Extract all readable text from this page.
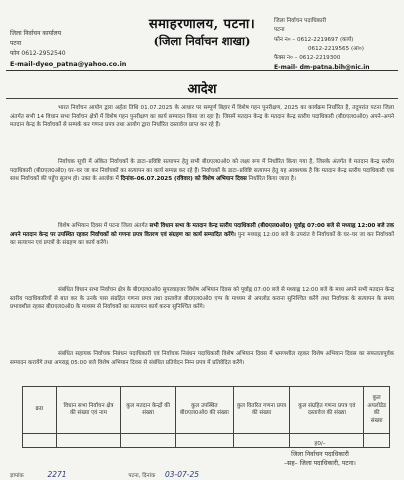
जिला निर्वाचन कार्यालय
पटना
फोन 0612-2952540
E-mail-dyeo_patna@yahoo.co.in
समाहरणालय, पटना।
(जिला निर्वाचन शाखा)
जिला निर्वाचन पदाधिकारी
पटना
फोन न० – 0612-2219697 (कार्य)
0612-2219565 (आ०)
फैक्स न० – 0612-2219300
E-mail- dm-patna.bih@nic.in
आदेश
भारत निर्वाचन आयोग द्वारा अर्हता तिथि 01.07.2025 के आधार पर सम्पूर्ण बिहार में विशेष गहन पुनरीक्षण, 2025 का कार्यक्रम निर्धारित है, तदुपरांत पटना जिला अंतर्गत सभी 14 विधान सभा निर्वाचन क्षेत्रों में विशेष गहन पुनरीक्षण का कार्य सम्पादन किया जा रहा है। जिसमें मतदान केन्द्र के मतदान केन्द्र स्तरीय पदाधिकारी (बी0एल0ओ0) अपने–अपने मतदान केन्द्र के निर्वाचकों से सम्पर्क कर गणना प्रपत्र तथा आयोग द्वारा निर्धारित दस्तावेज प्राप्त कर रहे हैं।
निर्वाचक सूची में अंकित निर्वाचकों के डाटा–प्रविष्टि सत्यापन हेतु सभी बी0एल0ओ0 को लक्ष्य रूप में निर्धारित किया गया है, जिसके अंतर्गत वे मतदान केन्द्र स्तरीय पदाधिकारी (बी0एल0ओ0) घर–घर जा कर निर्वाचकों का सत्यापन का कार्य सम्पन्न कर रहे हैं। निर्वाचकों के डाटा–प्रविष्टि सत्यापन हेतु यह आवश्यक है कि मतदान केन्द्र स्तरीय पदाधिकारी एक साथ निर्वाचकों की पहुँच सुलभ हो। उक्त के आलोक में दिनांक–06.07.2025 (रविवार) को विशेष अभियान दिवस निर्धारित किया जाता है।
विशेष अभियान दिवस में पटना जिला अंतर्गत सभी विधान सभा के मतदान केन्द्र स्तरीय पदाधिकारी (बी0एल0ओ0) पूर्वाह्न 07:00 बजे से मध्याह्न 12:00 बजे तक अपने मतदान केन्द्र पर उपस्थित रहकर निर्वाचकों को गणना प्रपत्र वितरण एवं संग्रहण का कार्य सम्पादित करेंगे। पुनः मध्याह्न 12:00 बजे के उपरांत वे निर्वाचकों के घर–घर जा कर निर्वाचकों का सत्यापन एवं प्रपत्रों के संग्रहण का कार्य करेंगे।
संबंधित विधान सभा निर्वाचन क्षेत्र के बी0एल0ओ0 सुपरवाइजर विशेष अभियान दिवस को पूर्वाह्न 07:00 बजे से मध्याह्न 12:00 बजे के मध्य अपने सभी मतदान केन्द्र स्तरीय पदाधिकारियों से बात कर के उनके पास संग्रहित गणना प्रपत्र तथा दस्तावेज बी0एल0ओ0 एप्प के माध्यम से अपलोड कराना सुनिश्चित करेंगे तथा निर्वाचक के सत्यापन के समय प्रभावशील रहकर बी0एल0ओ0 के माध्यम से निर्वाचकों का सत्यापन कार्य करना सुनिश्चित करेंगे।
संबंधित सहायक निर्वाचक निबंधन पदाधिकारी एवं निर्वाचक निबंधन पदाधिकारी विशेष अभियान दिवस में भ्रमणशील रहकर विशेष अभियान दिवस का सफलतापूर्वक सम्पादन करायेंगे तथा अपराह्न 05:00 बजे विशेष अभियान दिवस से संबंधित प्रतिवेदन निम्न प्रपत्र में प्रतिवेदित करेंगे।
क्र0	विधान सभा निर्वाचन क्षेत्र की संख्या एवं नाम	कुल मतदान केन्द्रों की संख्या	कुल उपस्थित बी0एल0ओ0 की संख्या	कुल वितरित गणना प्रपत्र की संख्या	कुल संग्रहित गणना प्रपत्र एवं दस्तावेज की संख्या	कुल अपलोडेड की संख्या

ह0/–
जिला निर्वाचन पदाधिकारी
–सह– जिला पदाधिकारी, पटना।
ज्ञापांक	2271	पटना, दिनांक 03-07-25
